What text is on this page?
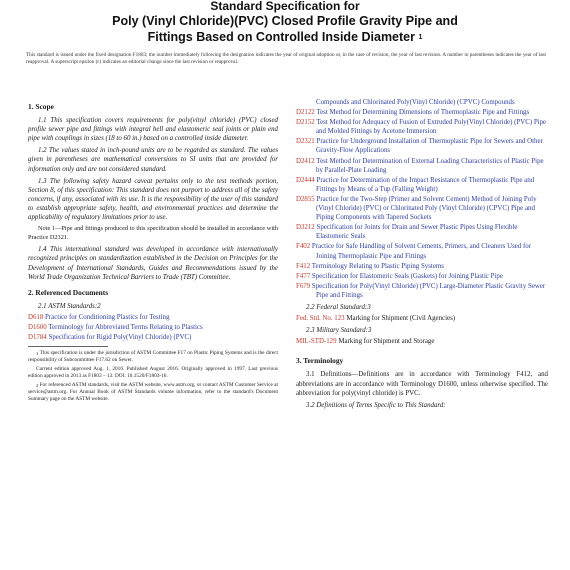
Standard Specification for
Poly (Vinyl Chloride)(PVC) Closed Profile Gravity Pipe and
Fittings Based on Controlled Inside Diameter $^1$
This standard is issued under the fixed designation F1803; the number immediately following the designation indicates the year of original adoption or, in the case of revision, the year of last revision. A number in parentheses indicates the year of last reapproval. A superscript epsilon (ε) indicates an editorial change since the last revision or reapproval.
1. Scope

1.1 This specification covers requirements for poly(vinyl chloride) (PVC) closed profile sewer pipe and fittings with integral bell and elastomeric seal joints or plain end pipe with couplings in sizes (18 to 60 in.) based on a controlled inside diameter.

1.2 The values stated in inch-pound units are to be regarded as standard. The values given in parentheses are mathematical conversions to SI units that are provided for information only and are not considered standard.

1.3 The following safety hazard caveat pertains only to the test methods portion, Section 8, of this specification: This standard does not purport to address all of the safety concerns, if any, associated with its use. It is the responsibility of the user of this standard to establish appropriate safety, health, and environmental practices and determine the applicability of regulatory limitations prior to use.

Note 1—Pipe and fittings produced to this specification should be installed in accordance with Practice D2321.

1.4 This international standard was developed in accordance with internationally recognized principles on standardization established in the Decision on Principles for the Development of International Standards, Guides and Recommendations issued by the World Trade Organization Technical Barriers to Trade (TBT) Committee.

2. Referenced Documents
2.1 ASTM Standards:2
D618 Practice for Conditioning Plastics for Testing
D1600 Terminology for Abbreviated Terms Relating to Plastics
D1784 Specification for Rigid Poly(Vinyl Chloride) (PVC)

$^1$ This specification is under the jurisdiction of ASTM Committee F17 on Plastic Piping Systems and is the direct responsibility of Subcommittee F17.62 on Sewer.

Current edition approved Aug. 1, 2016. Published August 2016. Originally approved in 1997. Last previous edition approved in 2013 as F1803 – 13. DOI: 10.1520/F1803-16.

$^2$ For referenced ASTM standards, visit the ASTM website, www.astm.org, or contact ASTM Customer Service at service@astm.org. For Annual Book of ASTM Standards volume information, refer to the standard's Document Summary page on the ASTM website.

Compounds and Chlorinated Poly(Vinyl Chloride) (CPVC) Compounds
D2122 Test Method for Determining Dimensions of Thermoplastic Pipe and Fittings
D2152 Test Method for Adequacy of Fusion of Extruded Poly(Vinyl Chloride) (PVC) Pipe and Molded Fittings by Acetone Immersion
D2321 Practice for Underground Installation of Thermoplastic Pipe for Sewers and Other Gravity-Flow Applications
D2412 Test Method for Determination of External Loading Characteristics of Plastic Pipe by Parallel-Plate Loading
D2444 Practice for Determination of the Impact Resistance of Thermoplastic Pipe and Fittings by Means of a Tup (Falling Weight)
D2855 Practice for the Two-Step (Primer and Solvent Cement) Method of Joining Poly (Vinyl Chloride) (PVC) or Chlorinated Poly (Vinyl Chloride) (CPVC) Pipe and Piping Components with Tapered Sockets
D3212 Specification for Joints for Drain and Sewer Plastic Pipes Using Flexible Elastomeric Seals
F402 Practice for Safe Handling of Solvent Cements, Primers, and Cleaners Used for Joining Thermoplastic Pipe and Fittings
F412 Terminology Relating to Plastic Piping Systems
F477 Specification for Elastomeric Seals (Gaskets) for Joining Plastic Pipe
F679 Specification for Poly(Vinyl Chloride) (PVC) Large-Diameter Plastic Gravity Sewer Pipe and Fittings
2.2 Federal Standard:3
Fed. Std. No. 123 Marking for Shipment (Civil Agencies)
2.3 Military Standard:3
MIL-STD-129 Marking for Shipment and Storage
3. Terminology

3.1 Definitions—Definitions are in accordance with Terminology F412, and abbreviations are in accordance with Terminology D1600, unless otherwise specified. The abbreviation for poly(vinyl chloride) is PVC.

3.2 Definitions of Terms Specific to This Standard:
